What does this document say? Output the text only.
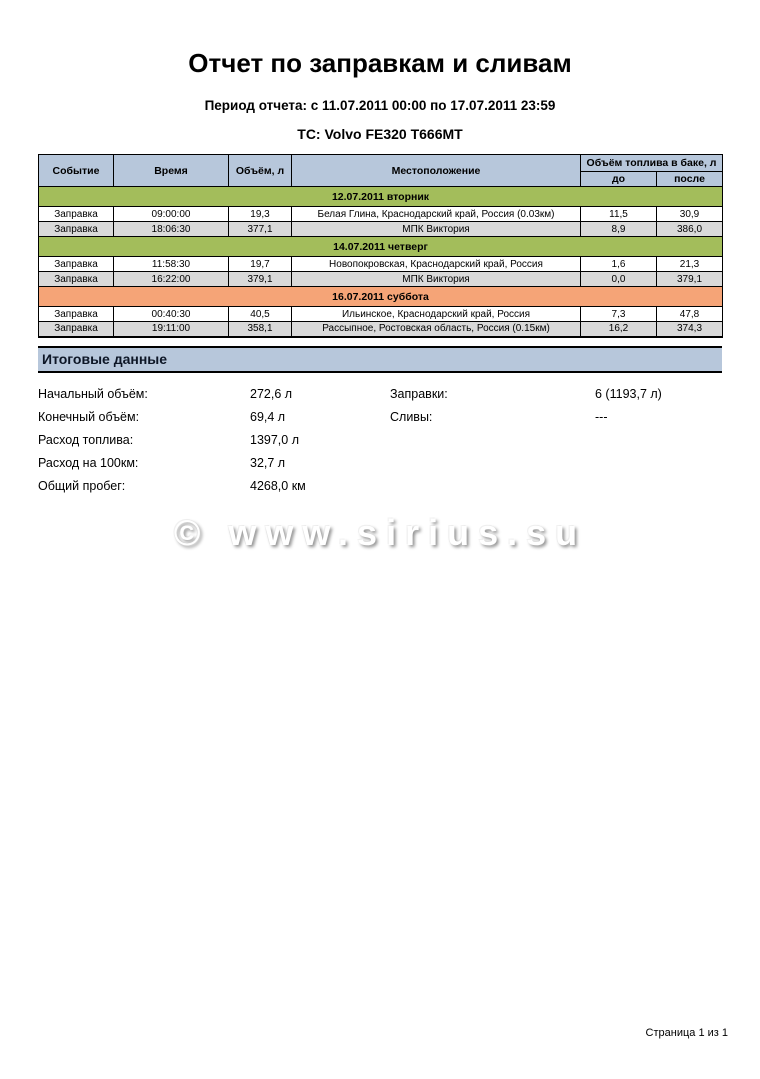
Отчет по заправкам и сливам
Период отчета: с 11.07.2011 00:00 по 17.07.2011 23:59
ТС: Volvo FE320 Т666МТ
Событие	Время	Объём, л	Местоположение	Объём топлива в баке, л	
				до	после
12.07.2011 вторник					
Заправка	09:00:00	19,3	Белая Глина, Краснодарский край, Россия (0.03км)	11,5	30,9
Заправка	18:06:30	377,1	МПК Виктория	8,9	386,0
14.07.2011 четверг					
Заправка	11:58:30	19,7	Новопокровская, Краснодарский край, Россия	1,6	21,3
Заправка	16:22:00	379,1	МПК Виктория	0,0	379,1
16.07.2011 суббота					
Заправка	00:40:30	40,5	Ильинское, Краснодарский край, Россия	7,3	47,8
Заправка	19:11:00	358,1	Рассыпное, Ростовская область, Россия (0.15км)	16,2	374,3
Итоговые данные
Начальный объём:	272,6 л	Заправки:	6 (1193,7 л)
Конечный объём:	69,4 л	Сливы:	---
Расход топлива:	1397,0 л
Расход на 100км:	32,7 л
Общий пробег:	4268,0 км
© www.sirius.su
Страница 1 из 1
